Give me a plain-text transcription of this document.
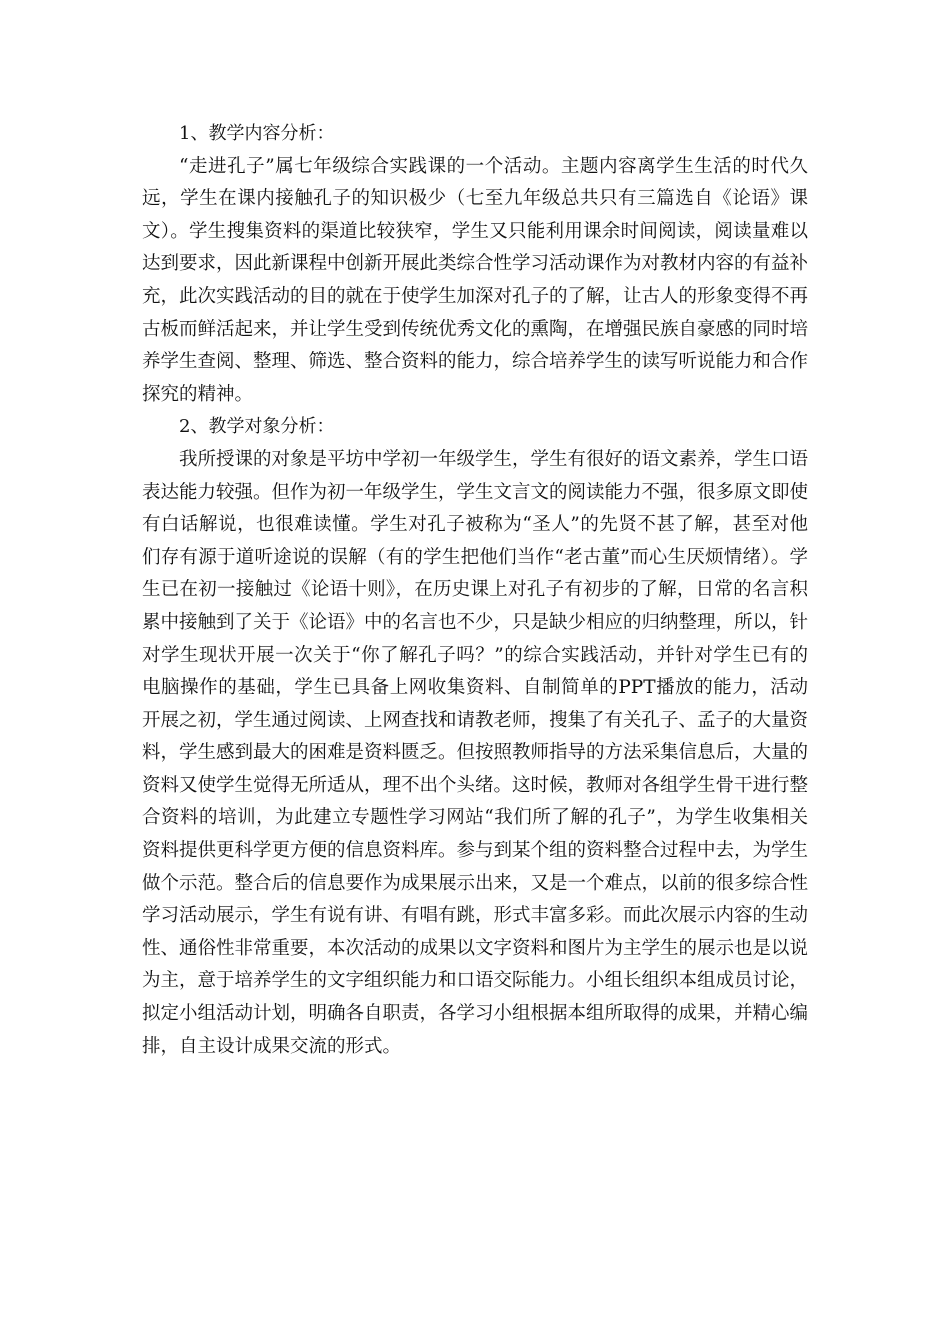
1、教学内容分析：

“走进孔子”属七年级综合实践课的一个活动。主题内容离学生生活的时代久远，学生在课内接触孔子的知识极少（七至九年级总共只有三篇选自《论语》课文）。学生搜集资料的渠道比较狭窄，学生又只能利用课余时间阅读，阅读量难以达到要求，因此新课程中创新开展此类综合性学习活动课作为对教材内容的有益补充，此次实践活动的目的就在于使学生加深对孔子的了解，让古人的形象变得不再古板而鲜活起来，并让学生受到传统优秀文化的熏陶，在增强民族自豪感的同时培养学生查阅、整理、筛选、整合资料的能力，综合培养学生的读写听说能力和合作探究的精神。

2、教学对象分析：

我所授课的对象是平坊中学初一年级学生，学生有很好的语文素养，学生口语表达能力较强。但作为初一年级学生，学生文言文的阅读能力不强，很多原文即使有白话解说，也很难读懂。学生对孔子被称为“圣人”的先贤不甚了解，甚至对他们存有源于道听途说的误解（有的学生把他们当作“老古董”而心生厌烦情绪）。学生已在初一接触过《论语十则》，在历史课上对孔子有初步的了解，日常的名言积累中接触到了关于《论语》中的名言也不少，只是缺少相应的归纳整理，所以，针对学生现状开展一次关于“你了解孔子吗？”的综合实践活动，并针对学生已有的电脑操作的基础，学生已具备上网收集资料、自制简单的PPT播放的能力，活动开展之初，学生通过阅读、上网查找和请教老师，搜集了有关孔子、孟子的大量资料，学生感到最大的困难是资料匮乏。但按照教师指导的方法采集信息后，大量的资料又使学生觉得无所适从，理不出个头绪。这时候，教师对各组学生骨干进行整合资料的培训，为此建立专题性学习网站“我们所了解的孔子”，为学生收集相关资料提供更科学更方便的信息资料库。参与到某个组的资料整合过程中去，为学生做个示范。整合后的信息要作为成果展示出来，又是一个难点，以前的很多综合性学习活动展示，学生有说有讲、有唱有跳，形式丰富多彩。而此次展示内容的生动性、通俗性非常重要，本次活动的成果以文字资料和图片为主学生的展示也是以说为主，意于培养学生的文字组织能力和口语交际能力。小组长组织本组成员讨论，拟定小组活动计划，明确各自职责，各学习小组根据本组所取得的成果，并精心编排，自主设计成果交流的形式。
